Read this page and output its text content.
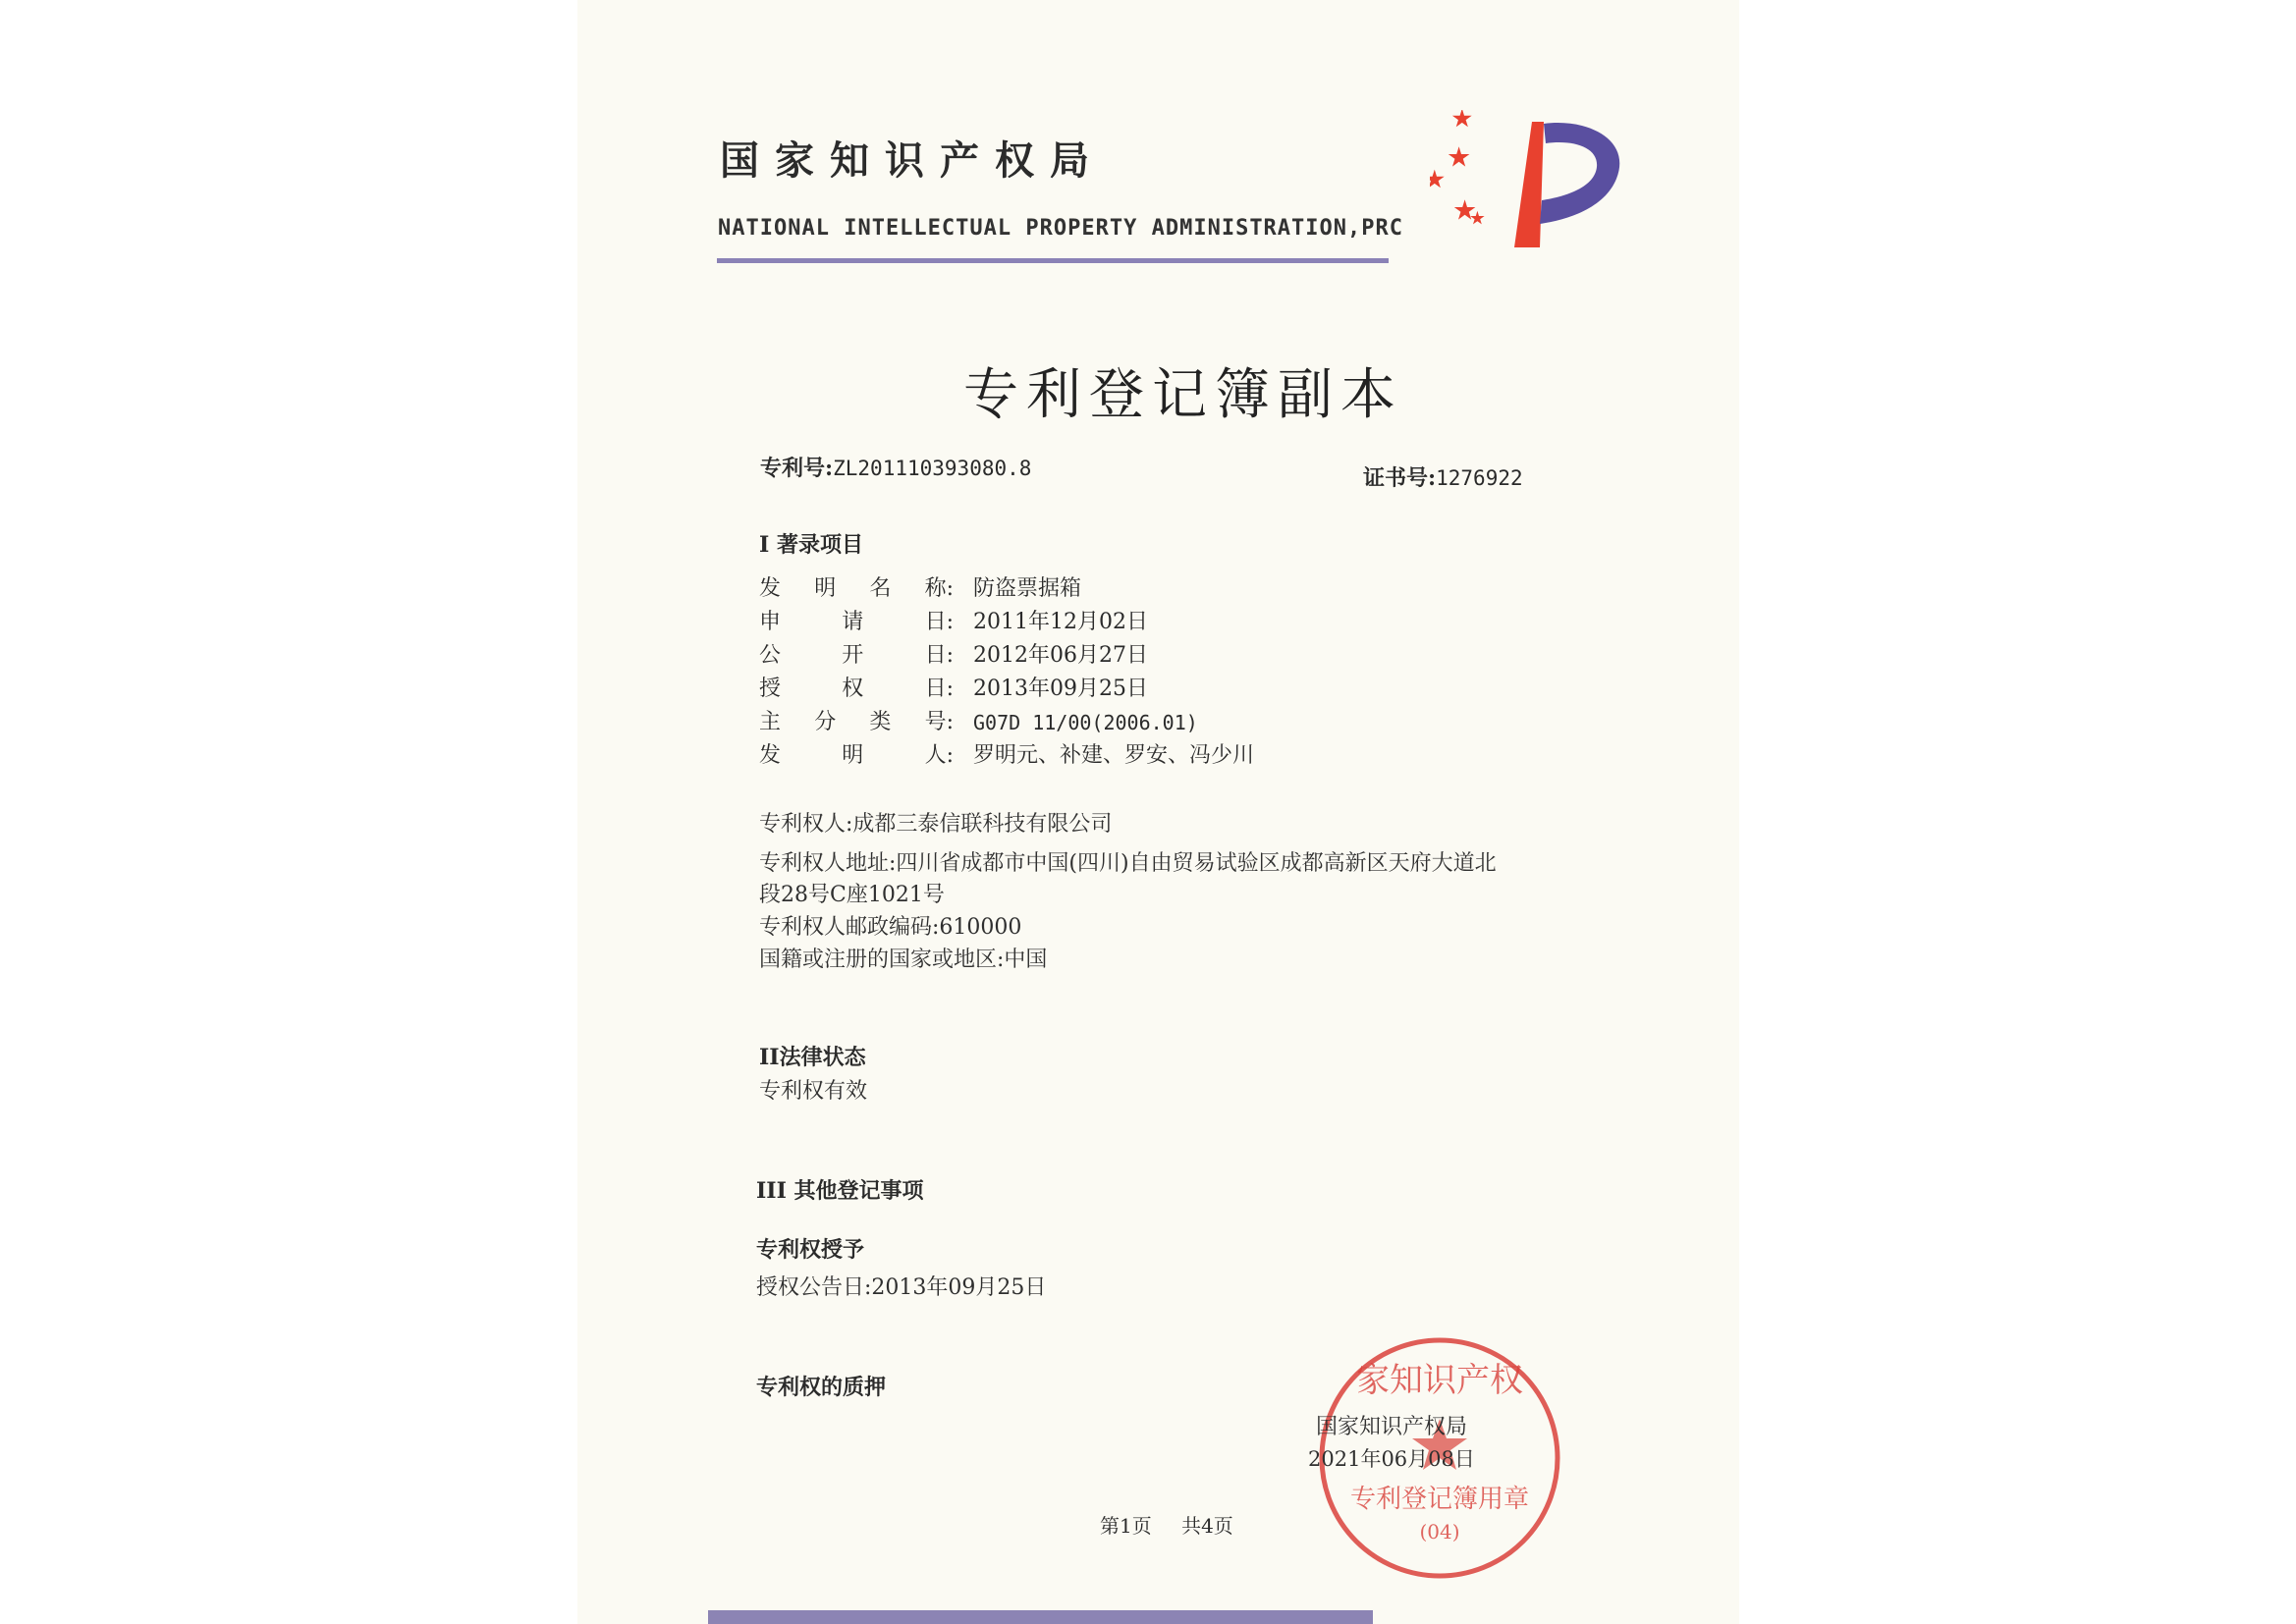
国家知识产权局

NATIONAL INTELLECTUAL PROPERTY ADMINISTRATION,PRC

专利登记簿副本

专利号:ZL201110393080.8	证书号:1276922

I 著录项目

发 明 名 称: 防盗票据箱
申	请	日: 2011年12月02日
公	开	日: 2012年06月27日
授	权	日: 2013年09月25日
主 分 类 号:	G07D 11/00(2006.01)
发	明	人: 罗明元、补建、罗安、冯少川

专利权人:成都三泰信联科技有限公司

专利权人地址:四川省成都市中国(四川)自由贸易试验区成都高新区天府大道北

段28号C座1021号

专利权人邮政编码:610000

国籍或注册的国家或地区:中国

II法律状态

专利权有效

III 其他登记事项

专利权授予

授权公告日:2013年09月25日

专利权的质押	家知识产权
专利登记簿用章
(04)

国家知识产权局

2021年06月08日

第1页 共4页
